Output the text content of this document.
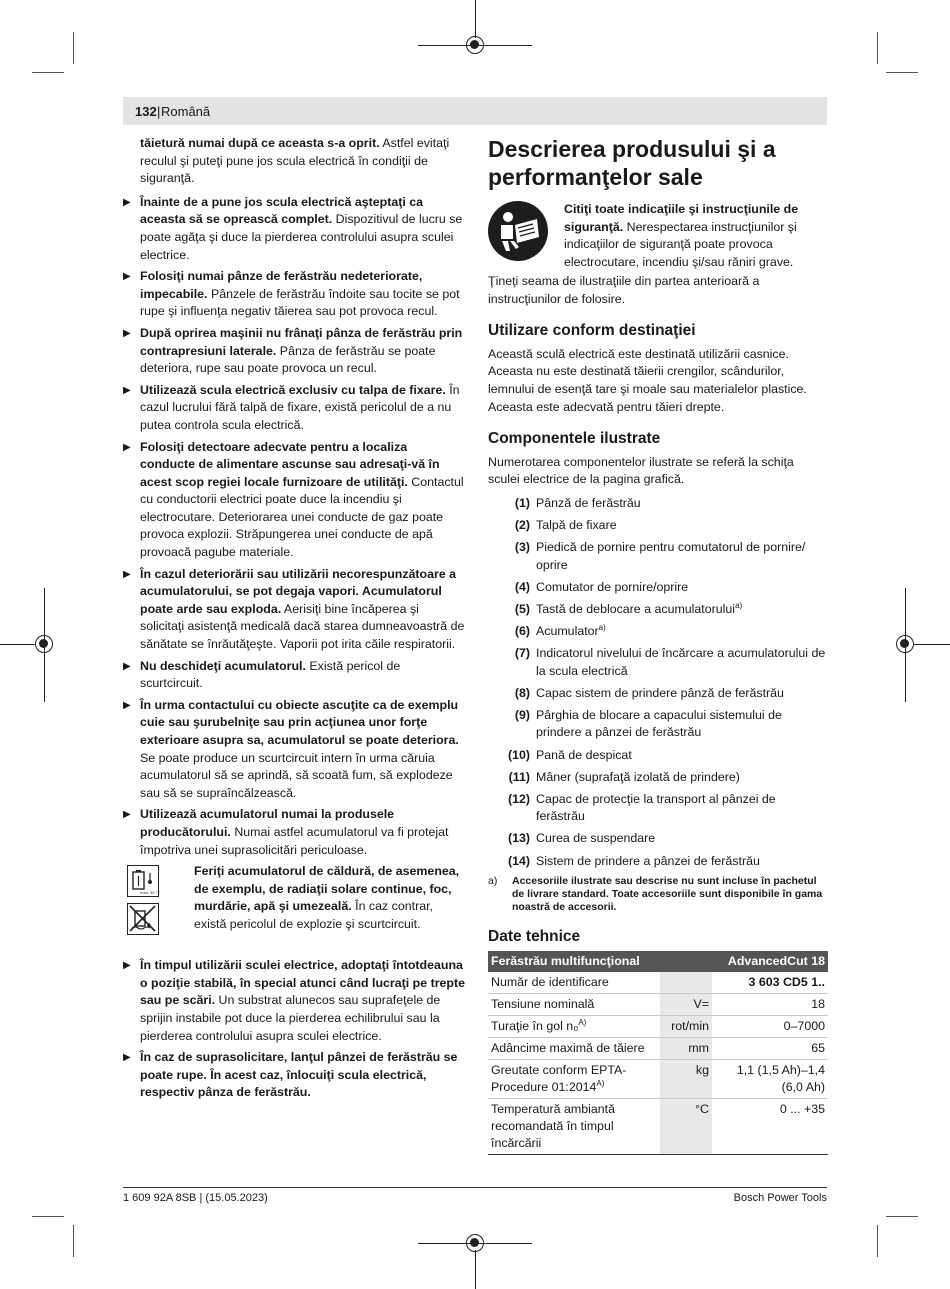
132 | Română

tăietură numai după ce aceasta s-a oprit. Astfel evitaţi reculul şi puteţi pune jos scula electrică în condiţii de siguranţă.

▶ Înainte de a pune jos scula electrică aşteptaţi ca aceasta să se oprească complet. Dispozitivul de lucru se poate agăţa şi duce la pierderea controlului asupra sculei electrice.

▶ Folosiţi numai pânze de ferăstrău nedeteriorate, impecabile. Pânzele de ferăstrău îndoite sau tocite se pot rupe şi influenţa negativ tăierea sau pot provoca recul.

▶ După oprirea maşinii nu frânaţi pânza de ferăstrău prin contrapresiuni laterale. Pânza de ferăstrău se poate deteriora, rupe sau poate provoca un recul.

▶ Utilizează scula electrică exclusiv cu talpa de fixare. În cazul lucrului fără talpă de fixare, există pericolul de a nu putea controla scula electrică.

▶ Folosiţi detectoare adecvate pentru a localiza conducte de alimentare ascunse sau adresaţi-vă în acest scop regiei locale furnizoare de utilităţi. Contactul cu conductorii electrici poate duce la incendiu şi electrocutare. Deteriorarea unei conducte de gaz poate provoca explozii. Străpungerea unei conducte de apă provoacă pagube materiale.

▶ În cazul deteriorării sau utilizării necorespunzătoare a acumulatorului, se pot degaja vapori. Acumulatorul poate arde sau exploda. Aerisiţi bine încăperea şi solicitaţi asistenţă medicală dacă starea dumneavoastră de sănătate se înrăutăţeşte. Vaporii pot irita căile respiratorii.

▶ Nu deschideţi acumulatorul. Există pericol de scurtcircuit.

▶ În urma contactului cu obiecte ascuţite ca de exemplu cuie sau şurubelniţe sau prin acţiunea unor forţe exterioare asupra sa, acumulatorul se poate deteriora. Se poate produce un scurtcircuit intern în urma căruia acumulatorul să se aprindă, să scoată fum, să explodeze sau să se supraîncălzească.

▶ Utilizează acumulatorul numai la produsele producătorului. Numai astfel acumulatorul va fi protejat împotriva unei suprasolicitări periculoase.

max. 50 °C
Feriţi acumulatorul de căldură, de asemenea, de exemplu, de radiaţii solare continue, foc, murdărie, apă şi umezeală. În caz contrar, există pericolul de explozie şi scurtcircuit.

▶ În timpul utilizării sculei electrice, adoptaţi întotdeauna o poziţie stabilă, în special atunci când lucraţi pe trepte sau pe scări. Un substrat alunecos sau suprafeţele de sprijin instabile pot duce la pierderea echilibrului sau la pierderea controlului asupra sculei electrice.

▶ În caz de suprasolicitare, lanţul pânzei de ferăstrău se poate rupe. În acest caz, înlocuiţi scula electrică, respectiv pânza de ferăstrău.

Descrierea produsului şi a performanţelor sale
Citiţi toate indicaţiile şi instrucţiunile de siguranţă. Nerespectarea instrucţiunilor şi indicaţiilor de siguranţă poate provoca electrocutare, incendiu şi/sau răniri grave.

Ţineţi seama de ilustraţiile din partea anterioară a instrucţiunilor de folosire.

Utilizare conform destinaţiei

Această sculă electrică este destinată utilizării casnice. Aceasta nu este destinată tăierii crengilor, scândurilor, lemnului de esenţă tare şi moale sau materialelor plastice. Aceasta este adecvată pentru tăieri drepte.

Componentele ilustrate

Numerotarea componentelor ilustrate se referă la schiţa sculei electrice de la pagina grafică.

(1) Pânză de ferăstrău
(2) Talpă de fixare
(3) Piedică de pornire pentru comutatorul de pornire/ oprire
(4) Comutator de pornire/oprire
(5) Tastă de deblocare a acumulatorului$^{a)}$
(6) Acumulator$^{a)}$
(7) Indicatorul nivelului de încărcare a acumulatorului de la scula electrică
(8) Capac sistem de prindere pânză de ferăstrău
(9) Pârghia de blocare a capacului sistemului de prindere a pânzei de ferăstrău
(10) Pană de despicat
(11) Mâner (suprafaţă izolată de prindere)
(12) Capac de protecţie la transport al pânzei de ferăstrău
(13) Curea de suspendare
(14) Sistem de prindere a pânzei de ferăstrău
a)	Accesoriile ilustrate sau descrise nu sunt incluse în pachetul de livrare standard. Toate accesoriile sunt disponibile în gama noastră de accesorii.
Date tehnice
Ferăstrău multifuncţional		AdvancedCut 18
Număr de identificare		3 603 CD5 1..
Tensiune nominală	V=	18
Turaţie în gol n₀$^{A)}$	rot/min	0–7000
Adâncime maximă de tăiere	mm	65
Greutate conform EPTA-Procedure $01:2014^{A)}$	kg	1,1 (1,5 Ah)–1,4 (6,0 Ah)
Temperatură ambiantă recomandată în timpul încărcării	°C	0 ... +35
1 609 92A 8SB | (15.05.2023)	Bosch Power Tools
